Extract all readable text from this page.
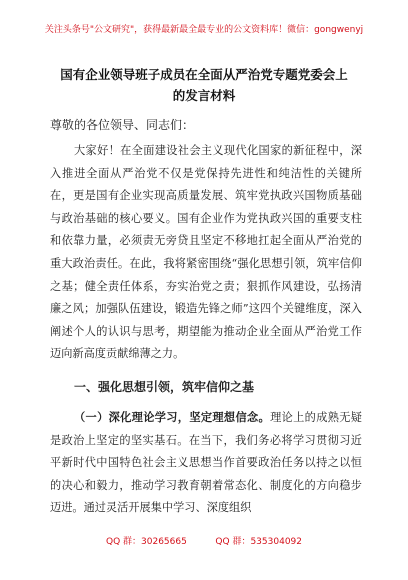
关注头条号"公文研究"，获得最新最全最专业的公文资料库！微信：gongwenyj
国有企业领导班子成员在全面从严治党专题党委会上的发言材料
尊敬的各位领导、同志们：

大家好！在全面建设社会主义现代化国家的新征程中，深入推进全面从严治党不仅是党保持先进性和纯洁性的关键所在，更是国有企业实现高质量发展、筑牢党执政兴国物质基础与政治基础的核心要义。国有企业作为党执政兴国的重要支柱和依靠力量，必须责无旁贷且坚定不移地扛起全面从严治党的重大政治责任。在此，我将紧密围绕“强化思想引领，筑牢信仰之基；健全责任体系，夯实治党之责；狠抓作风建设，弘扬清廉之风；加强队伍建设，锻造先锋之师”这四个关键维度，深入阐述个人的认识与思考，期望能为推动企业全面从严治党工作迈向新高度贡献绵薄之力。

一、强化思想引领，筑牢信仰之基

（一）深化理论学习，坚定理想信念。理论上的成熟无疑是政治上坚定的坚实基石。在当下，我们务必将学习贯彻习近平新时代中国特色社会主义思想当作首要政治任务以持之以恒的决心和毅力，推动学习教育朝着常态化、制度化的方向稳步迈进。通过灵活开展集中学习、深度组织

QQ 群：30265665          QQ 群：535304092
